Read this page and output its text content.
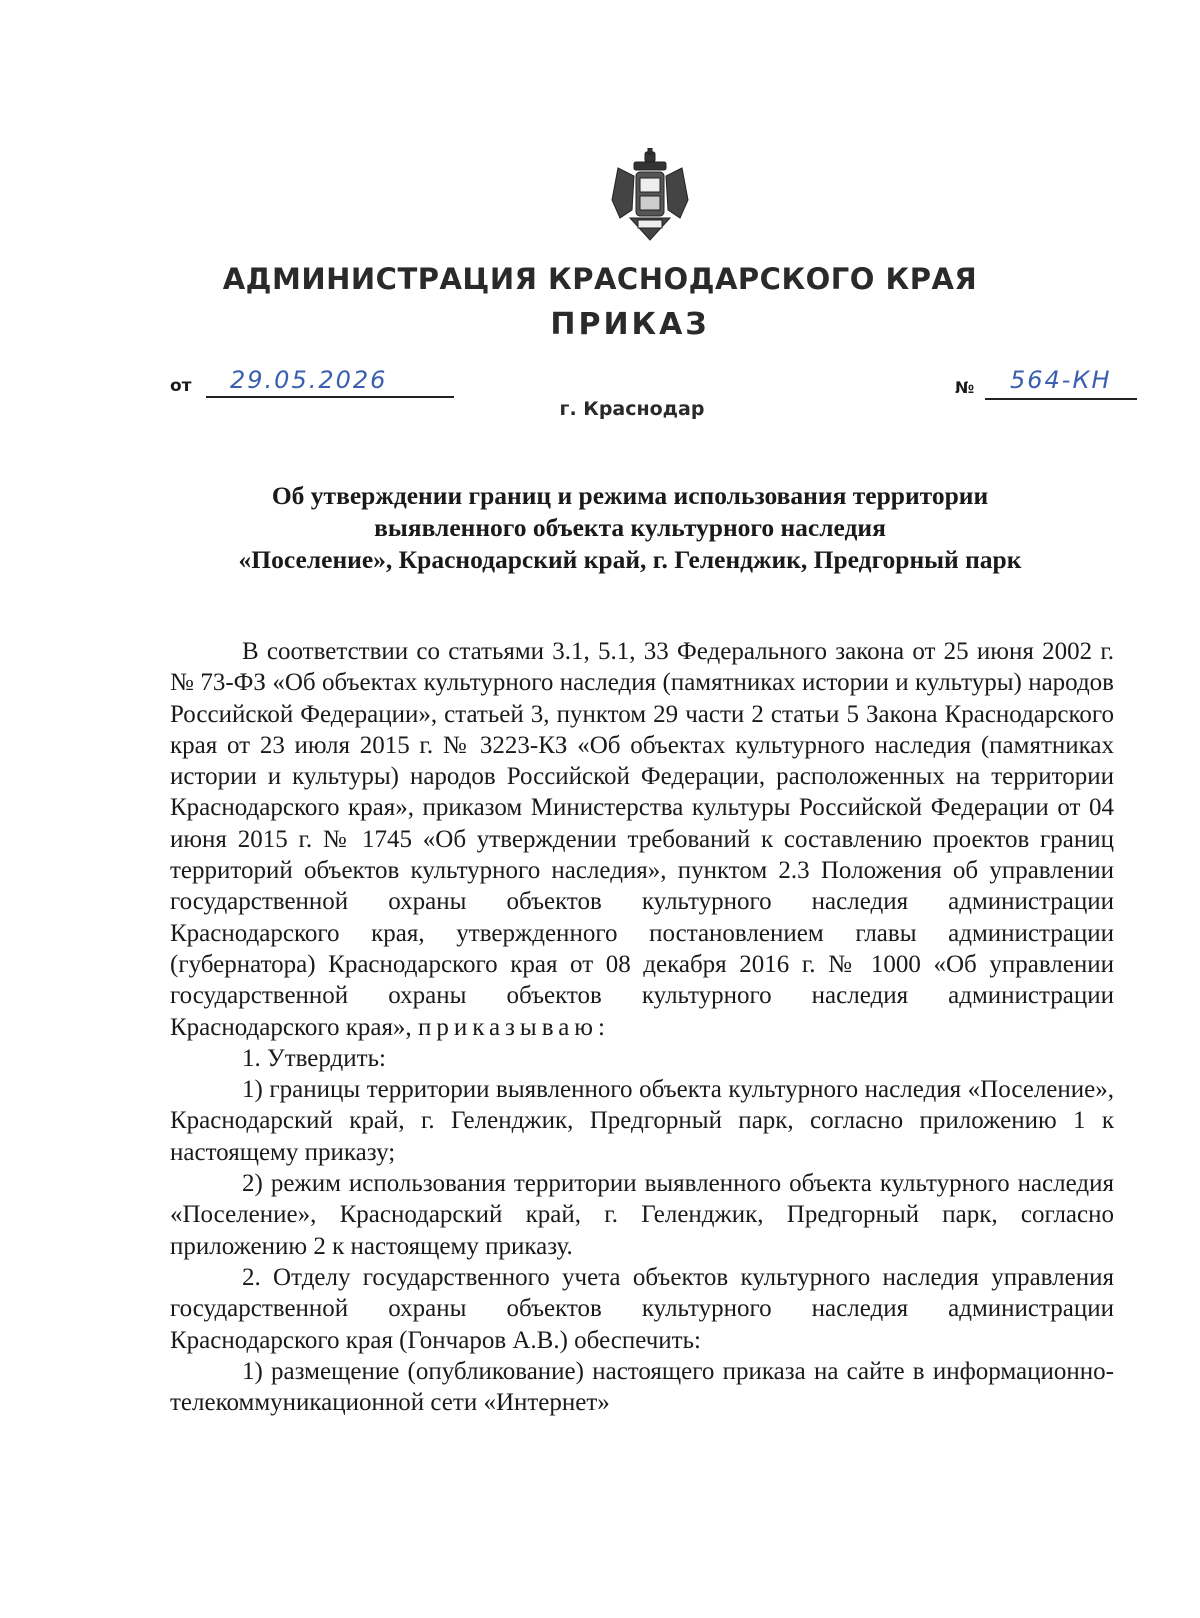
АДМИНИСТРАЦИЯ КРАСНОДАРСКОГО КРАЯ
ПРИКАЗ
от 29.05.2026
г. Краснодар
№ 564-КН
Об утверждении границ и режима использования территории
выявленного объекта культурного наследия
«Поселение», Краснодарский край, г. Геленджик, Предгорный парк

В соответствии со статьями 3.1, 5.1, 33 Федерального закона от 25 июня 2002 г. № 73-ФЗ «Об объектах культурного наследия (памятниках истории и культуры) народов Российской Федерации», статьей 3, пунктом 29 части 2 статьи 5 Закона Краснодарского края от 23 июля 2015 г. № 3223-КЗ «Об объектах культурного наследия (памятниках истории и культуры) народов Российской Федерации, расположенных на территории Краснодарского края», приказом Министерства культуры Российской Федерации от 04 июня 2015 г. № 1745 «Об утверждении требований к составлению проектов границ территорий объектов культурного наследия», пунктом 2.3 Положения об управлении государственной охраны объектов культурного наследия администрации Краснодарского края, утвержденного постановлением главы администрации (губернатора) Краснодарского края от 08 декабря 2016 г. № 1000 «Об управлении государственной охраны объектов культурного наследия администрации Краснодарского края», приказываю:

1. Утвердить:

1) границы территории выявленного объекта культурного наследия «Поселение», Краснодарский край, г. Геленджик, Предгорный парк, согласно приложению 1 к настоящему приказу;

2) режим использования территории выявленного объекта культурного наследия «Поселение», Краснодарский край, г. Геленджик, Предгорный парк, согласно приложению 2 к настоящему приказу.

2. Отделу государственного учета объектов культурного наследия управления государственной охраны объектов культурного наследия администрации Краснодарского края (Гончаров А.В.) обеспечить:

1) размещение (опубликование) настоящего приказа на сайте в информационно-телекоммуникационной сети «Интернет»
